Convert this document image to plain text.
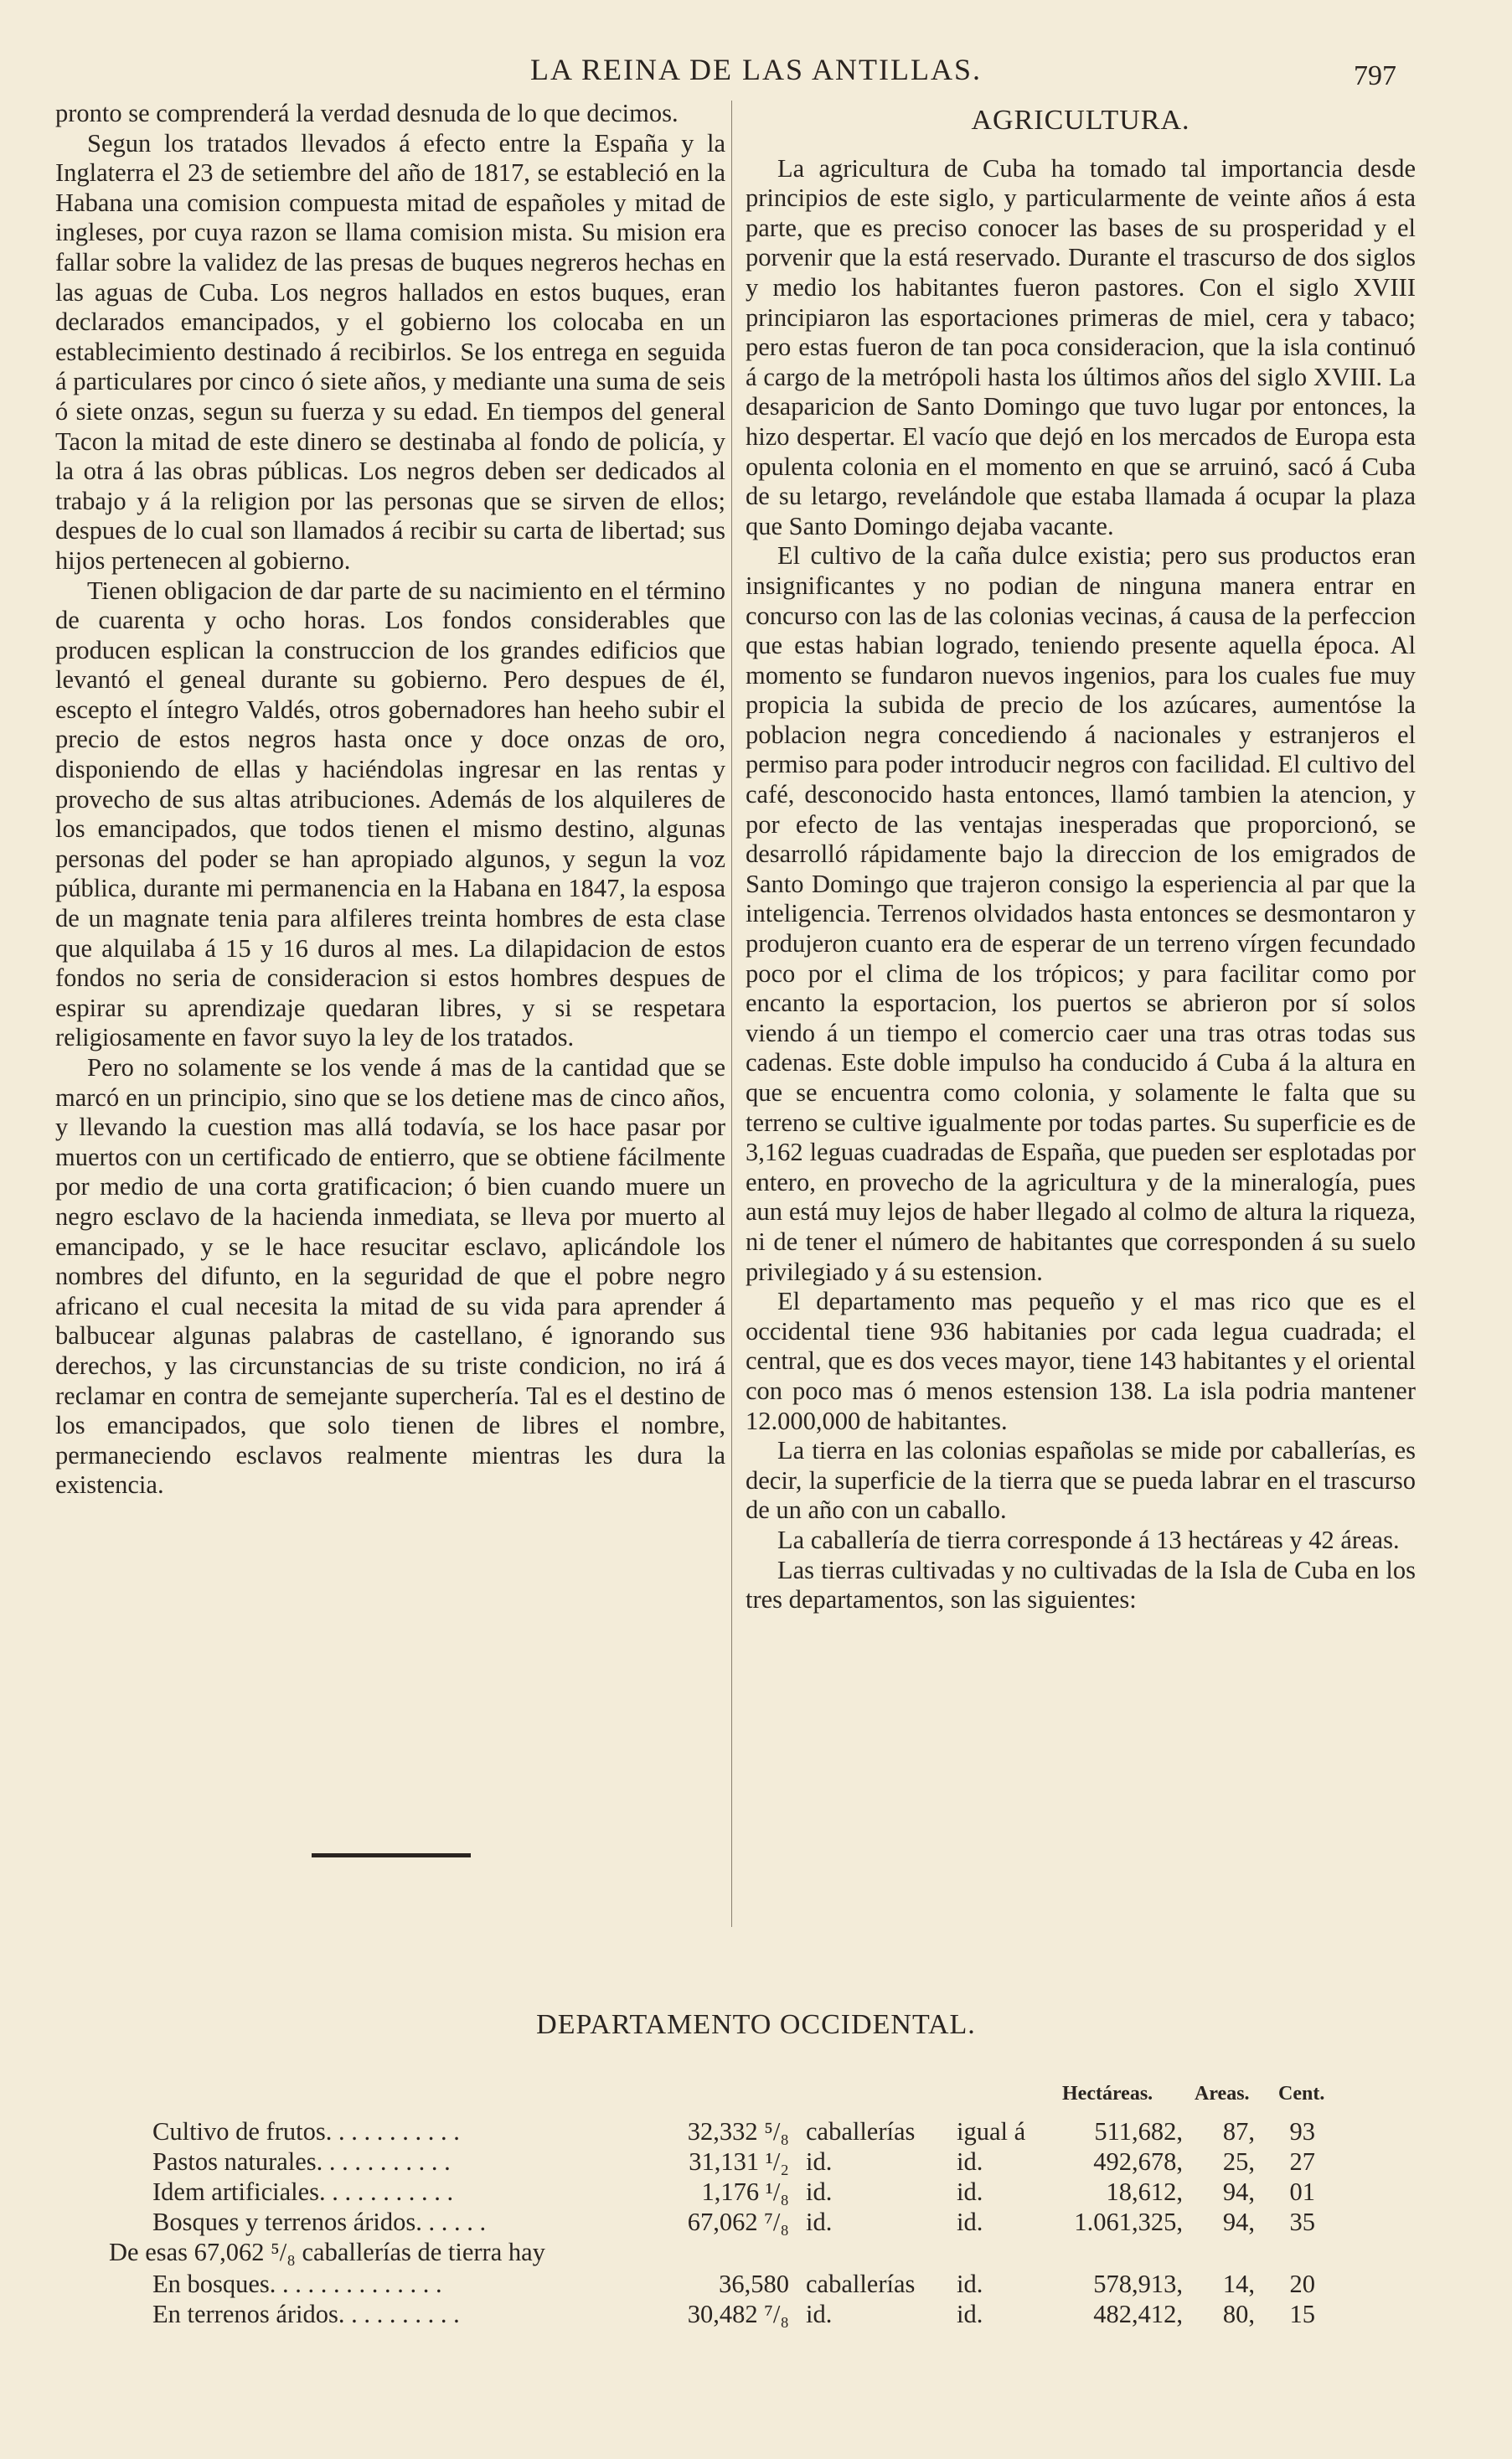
LA REINA DE LAS ANTILLAS.	797

pronto se comprenderá la verdad desnuda de lo que decimos.

Segun los tratados llevados á efecto entre la España y la Inglaterra el 23 de setiembre del año de 1817, se estableció en la Habana una comision compuesta mitad de españoles y mitad de ingleses, por cuya razon se llama comision mista. Su mision era fallar sobre la validez de las presas de buques negreros hechas en las aguas de Cuba. Los negros hallados en estos buques, eran declarados emancipados, y el gobierno los colocaba en un establecimiento destinado á recibirlos. Se los entrega en seguida á particulares por cinco ó siete años, y mediante una suma de seis ó siete onzas, segun su fuerza y su edad. En tiempos del general Tacon la mitad de este dinero se destinaba al fondo de policía, y la otra á las obras públicas. Los negros deben ser dedicados al trabajo y á la religion por las personas que se sirven de ellos; despues de lo cual son llamados á recibir su carta de libertad; sus hijos pertenecen al gobierno.

Tienen obligacion de dar parte de su nacimiento en el término de cuarenta y ocho horas. Los fondos considerables que producen esplican la construccion de los grandes edificios que levantó el geneal durante su gobierno. Pero despues de él, escepto el íntegro Valdés, otros gobernadores han heeho subir el precio de estos negros hasta once y doce onzas de oro, disponiendo de ellas y haciéndolas ingresar en las rentas y provecho de sus altas atribuciones. Además de los alquileres de los emancipados, que todos tienen el mismo destino, algunas personas del poder se han apropiado algunos, y segun la voz pública, durante mi permanencia en la Habana en 1847, la esposa de un magnate tenia para alfileres treinta hombres de esta clase que alquilaba á 15 y 16 duros al mes. La dilapidacion de estos fondos no seria de consideracion si estos hombres despues de espirar su aprendizaje quedaran libres, y si se respetara religiosamente en favor suyo la ley de los tratados.

Pero no solamente se los vende á mas de la cantidad que se marcó en un principio, sino que se los detiene mas de cinco años, y llevando la cuestion mas allá todavía, se los hace pasar por muertos con un certificado de entierro, que se obtiene fácilmente por medio de una corta gratificacion; ó bien cuando muere un negro esclavo de la hacienda inmediata, se lleva por muerto al emancipado, y se le hace resucitar esclavo, aplicándole los nombres del difunto, en la seguridad de que el pobre negro africano el cual necesita la mitad de su vida para aprender á balbucear algunas palabras de castellano, é ignorando sus derechos, y las circunstancias de su triste condicion, no irá á reclamar en contra de semejante superchería. Tal es el destino de los emancipados, que solo tienen de libres el nombre, permaneciendo esclavos realmente mientras les dura la existencia.

AGRICULTURA.

La agricultura de Cuba ha tomado tal importancia desde principios de este siglo, y particularmente de veinte años á esta parte, que es preciso conocer las bases de su prosperidad y el porvenir que la está reservado. Durante el trascurso de dos siglos y medio los habitantes fueron pastores. Con el siglo XVIII principiaron las esportaciones primeras de miel, cera y tabaco; pero estas fueron de tan poca consideracion, que la isla continuó á cargo de la metrópoli hasta los últimos años del siglo XVIII. La desaparicion de Santo Domingo que tuvo lugar por entonces, la hizo despertar. El vacío que dejó en los mercados de Europa esta opulenta colonia en el momento en que se arruinó, sacó á Cuba de su letargo, revelándole que estaba llamada á ocupar la plaza que Santo Domingo dejaba vacante.

El cultivo de la caña dulce existia; pero sus productos eran insignificantes y no podian de ninguna manera entrar en concurso con las de las colonias vecinas, á causa de la perfeccion que estas habian logrado, teniendo presente aquella época. Al momento se fundaron nuevos ingenios, para los cuales fue muy propicia la subida de precio de los azúcares, aumentóse la poblacion negra concediendo á nacionales y estranjeros el permiso para poder introducir negros con facilidad. El cultivo del café, desconocido hasta entonces, llamó tambien la atencion, y por efecto de las ventajas inesperadas que proporcionó, se desarrolló rápidamente bajo la direccion de los emigrados de Santo Domingo que trajeron consigo la esperiencia al par que la inteligencia. Terrenos olvidados hasta entonces se desmontaron y produjeron cuanto era de esperar de un terreno vírgen fecundado poco por el clima de los trópicos; y para facilitar como por encanto la esportacion, los puertos se abrieron por sí solos viendo á un tiempo el comercio caer una tras otras todas sus cadenas. Este doble impulso ha conducido á Cuba á la altura en que se encuentra como colonia, y solamente le falta que su terreno se cultive igualmente por todas partes. Su superficie es de 3,162 leguas cuadradas de España, que pueden ser esplotadas por entero, en provecho de la agricultura y de la mineralogía, pues aun está muy lejos de haber llegado al colmo de altura la riqueza, ni de tener el número de habitantes que corresponden á su suelo privilegiado y á su estension.

El departamento mas pequeño y el mas rico que es el occidental tiene 936 habitanies por cada legua cuadrada; el central, que es dos veces mayor, tiene 143 habitantes y el oriental con poco mas ó menos estension 138. La isla podria mantener 12.000,000 de habitantes.

La tierra en las colonias españolas se mide por caballerías, es decir, la superficie de la tierra que se pueda labrar en el trascurso de un año con un caballo.

La caballería de tierra corresponde á 13 hectáreas y 42 áreas.

Las tierras cultivadas y no cultivadas de la Isla de Cuba en los tres departamentos, son las siguientes:

DEPARTAMENTO OCCIDENTAL.
Hectáreas. Areas. Cent.
Cultivo de frutos. . . . . . . . . . .	32,332 ⁵/₈ caballerías igual á	511,682,	87,	93
Pastos naturales. . . . . . . . . . .	31,131 ¹/₂ id.	id.	492,678,	25,	27
Idem artificiales. . . . . . . . . . .	1,176 ¹/₈ id.	id.	18,612,	94,	01
Bosques y terrenos áridos. . . . . .	67,062 ⁷/₈ id.	id.	1.061,325,	94,	35
De esas 67,062 ⁵/₈ caballerías de tierra hay
En bosques. . . . . . . . . . . . . .	36,580 caballerías id.	578,913,	14,	20
En terrenos áridos. . . . . . . . . .	30,482 ⁷/₈ id.	id.	482,412,	80,	15
